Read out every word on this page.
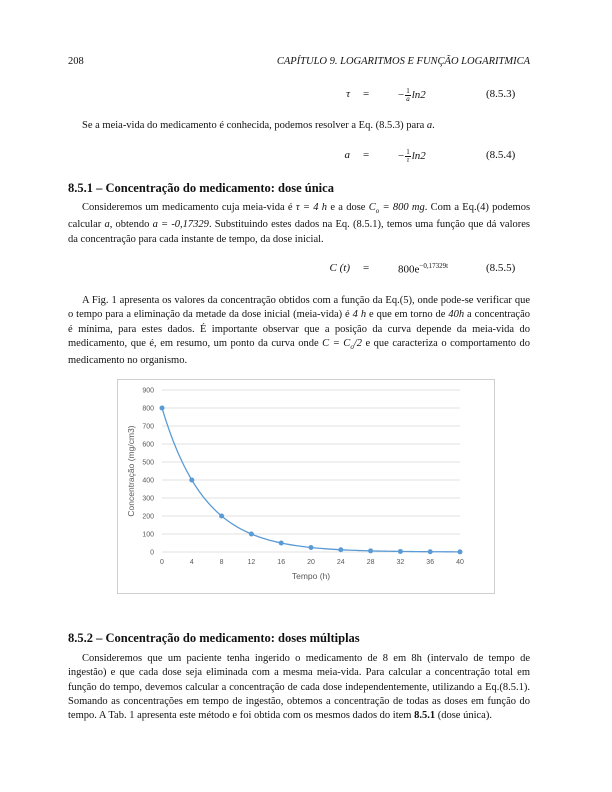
208	CAPÍTULO 9. LOGARITMOS E FUNÇÃO LOGARITMICA
τ =	− $\frac{1}{a} \ln 2$	(8.5.3)
Se a meia-vida do medicamento é conhecida, podemos resolver a Eq. (8.5.3) para a.
a =	− $\frac{1}{\tau} \ln 2$	(8.5.4)
8.5.1 – Concentração do medicamento: dose única
Consideremos um medicamento cuja meia-vida é τ = 4 h e a dose $C_o = 800$ mg. Com a Eq.(4) podemos calcular a, obtendo a = -0,17329. Substituindo estes dados na Eq. (8.5.1), temos uma função que dá valores da concentração para cada instante de tempo, da dose inicial.
C (t) =	$800e^{-0,17329t}$	(8.5.5)
A Fig. 1 apresenta os valores da concentração obtidos com a função da Eq.(5), onde pode-se verificar que o tempo para a eliminação da metade da dose inicial (meia-vida) é 4 h e que em torno de 40h a concentração é mínima, para estes dados. É importante observar que a posição da curva depende da meia-vida do medicamento, que é, em resumo, um ponto da curva onde $C = C_o/2$ e que caracteriza o comportamento do medicamento no organismo.
0
100
200
300
400
500
600
700
800
900
0	4	8	12	16	20	24	28	32	36	40
Tempo (h)
Concentração (mg/cm3)
8.5.2 – Concentração do medicamento: doses múltiplas
Consideremos que um paciente tenha ingerido o medicamento de 8 em 8h (intervalo de tempo de ingestão) e que cada dose seja eliminada com a mesma meia-vida. Para calcular a concentração total em função do tempo, devemos calcular a concentração de cada dose independentemente, utilizando a Eq.(8.5.1). Somando as concentrações em tempo de ingestão, obtemos a concentração de todas as doses em função do tempo. A Tab. 1 apresenta este método e foi obtida com os mesmos dados do item 8.5.1 (dose única).
